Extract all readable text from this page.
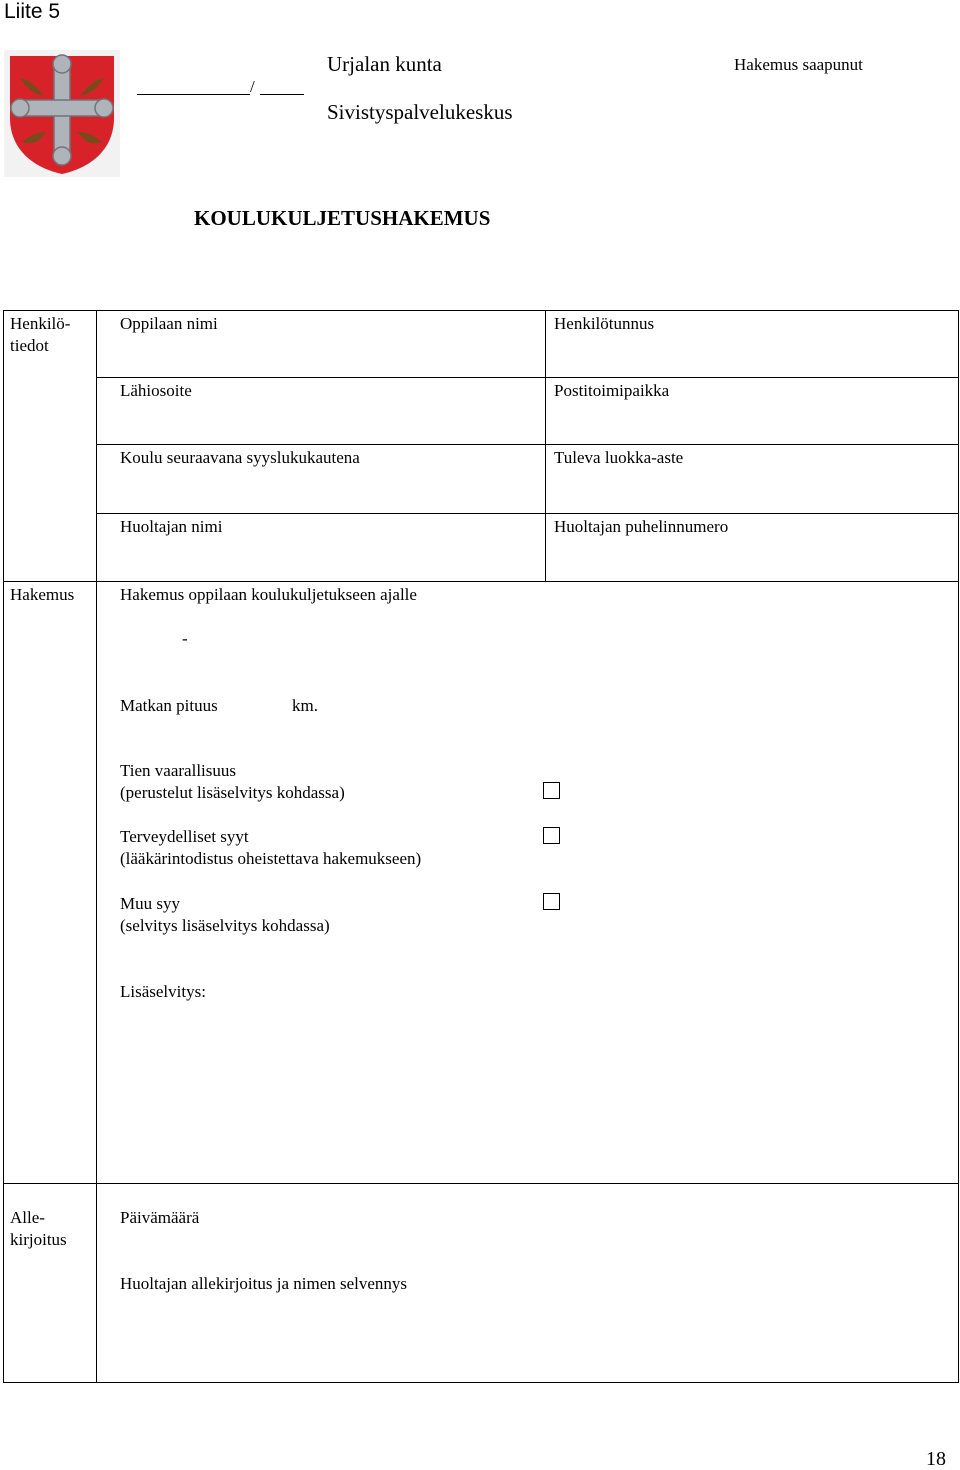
Liite 5
/
Urjalan kunta
Sivistyspalvelukeskus
Hakemus saapunut
KOULUKULJETUSHAKEMUS
Henkilö-
tiedot
Oppilaan nimi	Henkilötunnus
Lähiosoite	Postitoimipaikka
Koulu seuraavana syyslukukautena	Tuleva luokka-aste
Huoltajan nimi	Huoltajan puhelinnumero
Hakemus	Hakemus oppilaan koulukuljetukseen ajalle
-
Matkan pituus	km.
Tien vaarallisuus
(perustelut lisäselvitys kohdassa)
Terveydelliset syyt
(lääkärintodistus oheistettava hakemukseen)
Muu syy
(selvitys lisäselvitys kohdassa)
Lisäselvitys:
Alle-
kirjoitus
Päivämäärä
Huoltajan allekirjoitus ja nimen selvennys
18
